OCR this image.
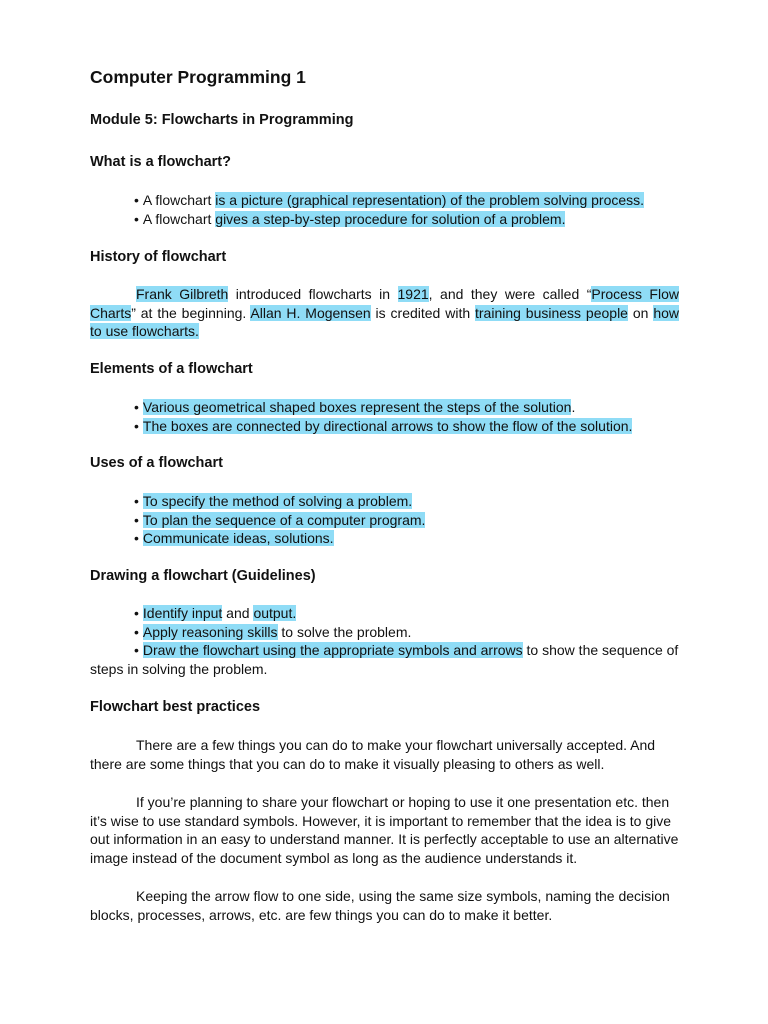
Computer Programming 1
Module 5: Flowcharts in Programming
What is a flowchart?
• A flowchart is a picture (graphical representation) of the problem solving process.
• A flowchart gives a step-by-step procedure for solution of a problem.
History of flowchart

Frank Gilbreth introduced flowcharts in 1921, and they were called “Process Flow Charts” at the beginning. Allan H. Mogensen is credited with training business people on how to use flowcharts.

Elements of a flowchart
• Various geometrical shaped boxes represent the steps of the solution.
• The boxes are connected by directional arrows to show the flow of the solution.
Uses of a flowchart
• To specify the method of solving a problem.
• To plan the sequence of a computer program.
• Communicate ideas, solutions.
Drawing a flowchart (Guidelines)
• Identify input and output.
• Apply reasoning skills to solve the problem.

• Draw the flowchart using the appropriate symbols and arrows to show the sequence of steps in solving the problem.

Flowchart best practices

There are a few things you can do to make your flowchart universally accepted. And there are some things that you can do to make it visually pleasing to others as well.

If you’re planning to share your flowchart or hoping to use it one presentation etc. then it’s wise to use standard symbols. However, it is important to remember that the idea is to give out information in an easy to understand manner. It is perfectly acceptable to use an alternative image instead of the document symbol as long as the audience understands it.

Keeping the arrow flow to one side, using the same size symbols, naming the decision blocks, processes, arrows, etc. are few things you can do to make it better.
